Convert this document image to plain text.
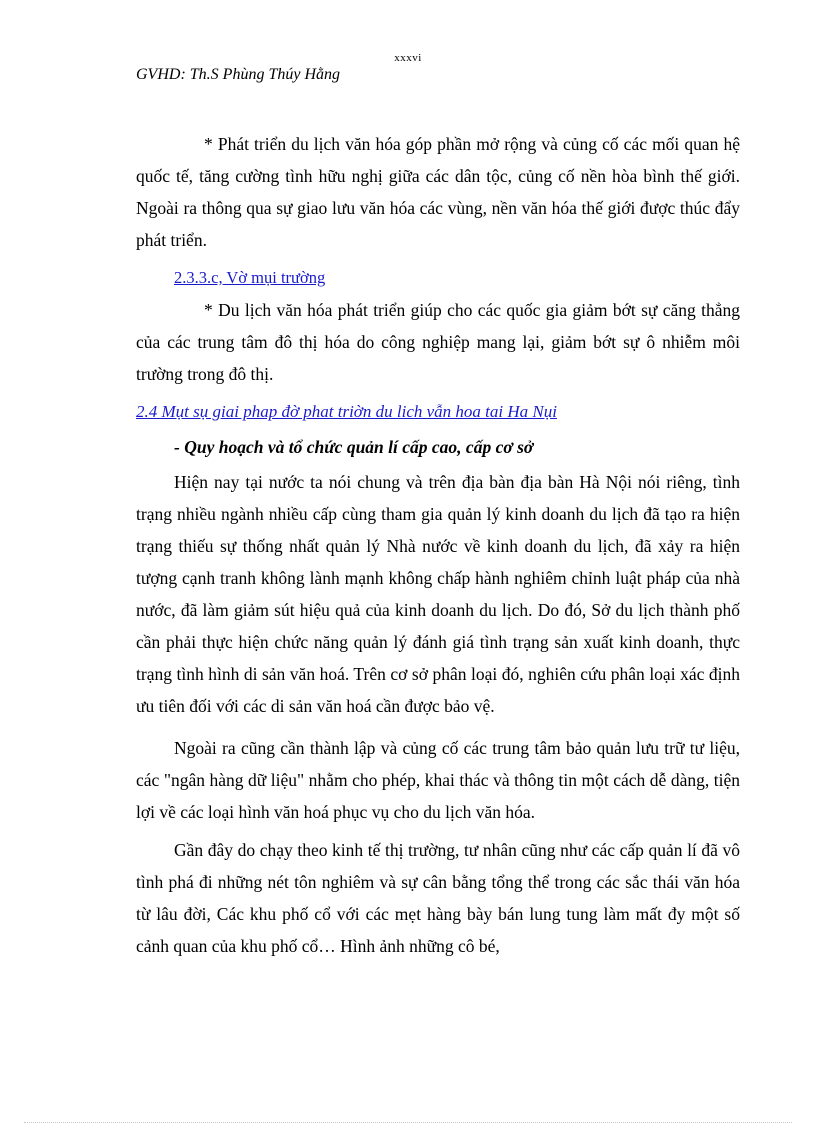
xxxvi
GVHD: Th.S Phùng Thúy Hằng

* Phát triển du lịch văn hóa góp phần mở rộng và củng cố các mối quan hệ quốc tế, tăng cường tình hữu nghị giữa các dân tộc, củng cố nền hòa bình thế giới. Ngoài ra thông qua sự giao lưu văn hóa các vùng, nền văn hóa thế giới được thúc đẩy phát triển.

2.3.3.c, Vờ mụi trường

* Du lịch văn hóa phát triển giúp cho các quốc gia giảm bớt sự căng thẳng của các trung tâm đô thị hóa do công nghiệp mang lại, giảm bớt sự ô nhiễm môi trường trong đô thị.

2.4 Mụt sụ giai phap đờ phat triờn du lich vẫn hoa tai Ha Nụi

- Quy hoạch và tổ chức quản lí cấp cao, cấp cơ sở

Hiện nay tại nước ta nói chung và trên địa bàn địa bàn Hà Nội nói riêng, tình trạng nhiều ngành nhiều cấp cùng tham gia quản lý kinh doanh du lịch đã tạo ra hiện trạng thiếu sự thống nhất quản lý Nhà nước về kinh doanh du lịch, đã xảy ra hiện tượng cạnh tranh không lành mạnh không chấp hành nghiêm chỉnh luật pháp của nhà nước, đã làm giảm sút hiệu quả của kinh doanh du lịch. Do đó, Sở du lịch thành phố cần phải thực hiện chức năng quản lý đánh giá tình trạng sản xuất kinh doanh, thực trạng tình hình di sản văn hoá. Trên cơ sở phân loại đó, nghiên cứu phân loại xác định ưu tiên đối với các di sản văn hoá cần được bảo vệ.

Ngoài ra cũng cần thành lập và củng cố các trung tâm bảo quản lưu trữ tư liệu, các "ngân hàng dữ liệu" nhằm cho phép, khai thác và thông tin một cách dễ dàng, tiện lợi về các loại hình văn hoá phục vụ cho du lịch văn hóa.

Gần đây do chạy theo kinh tế thị trường, tư nhân cũng như các cấp quản lí đã vô tình phá đi những nét tôn nghiêm và sự cân bằng tổng thể trong các sắc thái văn hóa từ lâu đời, Các khu phố cổ với các mẹt hàng bày bán lung tung làm mất đy một số cảnh quan của khu phố cổ… Hình ảnh những cô bé,
